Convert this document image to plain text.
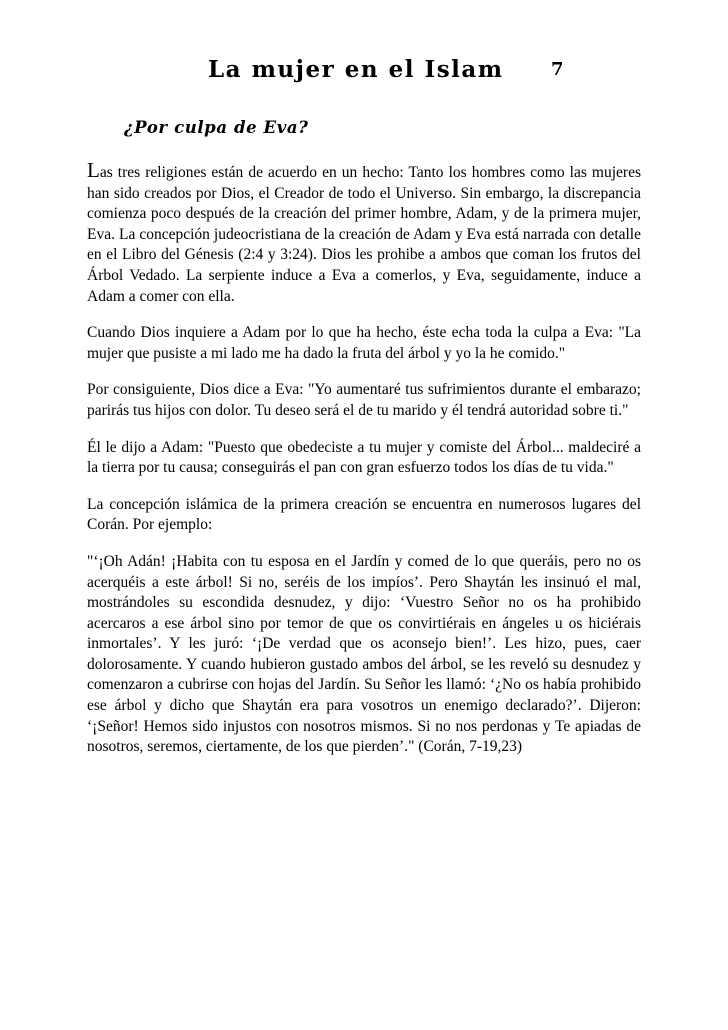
La mujer en el Islam	7
¿Por culpa de Eva?

Las tres religiones están de acuerdo en un hecho: Tanto los hombres como las mujeres han sido creados por Dios, el Creador de todo el Universo. Sin embargo, la discrepancia comienza poco después de la creación del primer hombre, Adam, y de la primera mujer, Eva. La concepción judeocristiana de la creación de Adam y Eva está narrada con detalle en el Libro del Génesis (2:4 y 3:24). Dios les prohibe a ambos que coman los frutos del Árbol Vedado. La serpiente induce a Eva a comerlos, y Eva, seguidamente, induce a Adam a comer con ella.

Cuando Dios inquiere a Adam por lo que ha hecho, éste echa toda la culpa a Eva: "La mujer que pusiste a mi lado me ha dado la fruta del árbol y yo la he comido."

Por consiguiente, Dios dice a Eva: "Yo aumentaré tus sufrimientos durante el embarazo; parirás tus hijos con dolor. Tu deseo será el de tu marido y él tendrá autoridad sobre ti."

Él le dijo a Adam: "Puesto que obedeciste a tu mujer y comiste del Árbol... maldeciré a la tierra por tu causa; conseguirás el pan con gran esfuerzo todos los días de tu vida."

La concepción islámica de la primera creación se encuentra en numerosos lugares del Corán. Por ejemplo:

"‘¡Oh Adán! ¡Habita con tu esposa en el Jardín y comed de lo que queráis, pero no os acerquéis a este árbol! Si no, seréis de los impíos’. Pero Shaytán les insinuó el mal, mostrándoles su escondida desnudez, y dijo: ‘Vuestro Señor no os ha prohibido acercaros a ese árbol sino por temor de que os convirtiérais en ángeles u os hiciérais inmortales’. Y les juró: ‘¡De verdad que os aconsejo bien!’. Les hizo, pues, caer dolorosamente. Y cuando hubieron gustado ambos del árbol, se les reveló su desnudez y comenzaron a cubrirse con hojas del Jardín. Su Señor les llamó: ‘¿No os había prohibido ese árbol y dicho que Shaytán era para vosotros un enemigo declarado?’. Dijeron: ‘¡Señor! Hemos sido injustos con nosotros mismos. Si no nos perdonas y Te apiadas de nosotros, seremos, ciertamente, de los que pierden’." (Corán, 7-19,23)
